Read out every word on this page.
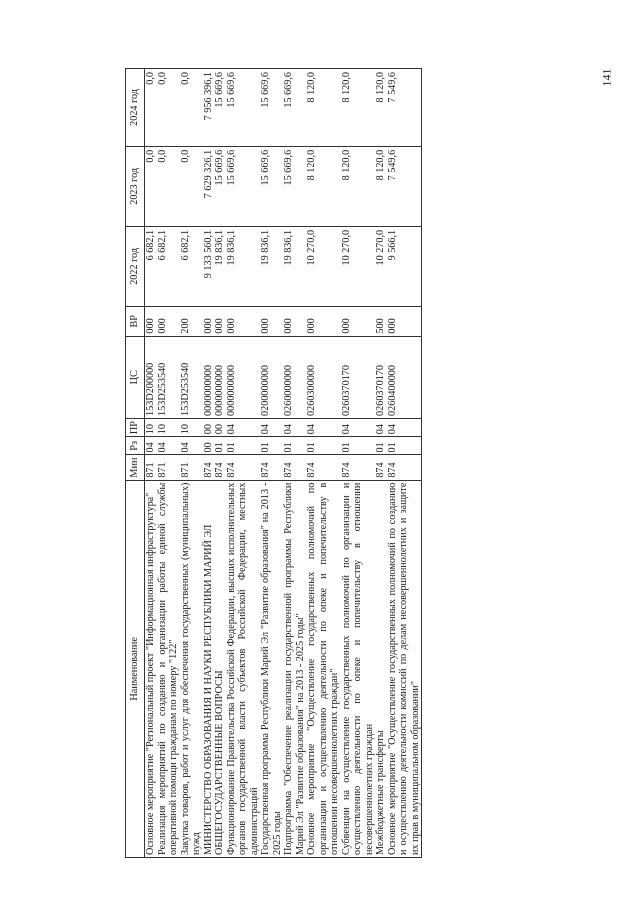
141
Наименование	Мин	Рз	ПР	ЦС	ВР	2022 год	2023 год	2024 год
Основное мероприятие "Региональный проект "Информационная инфраструктура"	871	04	10	153D200000	000	6 682,1	0,0	0,0
Реализация мероприятий по созданию и организации работы единой службы оперативной помощи гражданам по номеру "122"	871	04	10	153D253540	000	6 682,1	0,0	0,0
Закупка товаров, работ и услуг для обеспечения государственных (муниципальных) нужд	871	04	10	153D253540	200	6 682,1	0,0	0,0
МИНИСТЕРСТВО ОБРАЗОВАНИЯ И НАУКИ РЕСПУБЛИКИ МАРИЙ ЭЛ	874	00	00	0000000000	000	9 133 560,1	7 629 326,1	7 956 396,1
ОБЩЕГОСУДАРСТВЕННЫЕ ВОПРОСЫ	874	01	00	0000000000	000	19 836,1	15 669,6	15 669,6
Функционирование Правительства Российской Федерации, высших исполнительных органов государственной власти субъектов Российской Федерации, местных администраций	874	01	04	0000000000	000	19 836,1	15 669,6	15 669,6
Государственная программа Республики Марий Эл "Развитие образования" на 2013 - 2025 годы	874	01	04	0200000000	000	19 836,1	15 669,6	15 669,6
Подпрограмма "Обеспечение реализации государственной программы Республики Марий Эл "Развитие образования" на 2013 - 2025 годы"	874	01	04	0260000000	000	19 836,1	15 669,6	15 669,6
Основное мероприятие "Осуществление государственных полномочий по организации и осуществлению деятельности по опеке и попечительству в отношении несовершеннолетних граждан"	874	01	04	0260300000	000	10 270,0	8 120,0	8 120,0
Субвенции на осуществление государственных полномочий по организации и осуществлению деятельности по опеке и попечительству в отношении несовершеннолетних граждан	874	01	04	0260370170	000	10 270,0	8 120,0	8 120,0
Межбюджетные трансферты	874	01	04	0260370170	500	10 270,0	8 120,0	8 120,0
Основное мероприятие "Осуществление государственных полномочий по созданию и осуществлению деятельности комиссий по делам несовершеннолетних и защите их прав в муниципальном образовании"	874	01	04	0260400000	000	9 566,1	7 549,6	7 549,6
